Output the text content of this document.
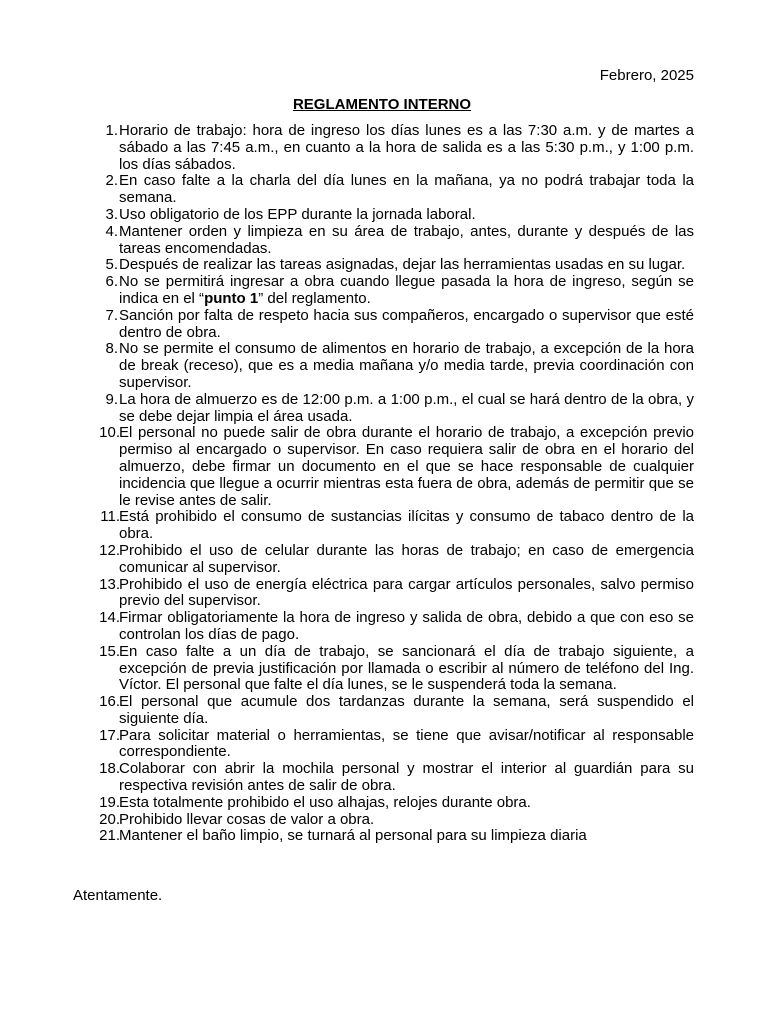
Febrero, 2025
REGLAMENTO INTERNO
1. Horario de trabajo: hora de ingreso los días lunes es a las 7:30 a.m. y de martes a sábado a las 7:45 a.m., en cuanto a la hora de salida es a las 5:30 p.m., y 1:00 p.m. los días sábados.
2. En caso falte a la charla del día lunes en la mañana, ya no podrá trabajar toda la semana.
3. Uso obligatorio de los EPP durante la jornada laboral.
4. Mantener orden y limpieza en su área de trabajo, antes, durante y después de las tareas encomendadas.
5. Después de realizar las tareas asignadas, dejar las herramientas usadas en su lugar.
6. No se permitirá ingresar a obra cuando llegue pasada la hora de ingreso, según se indica en el “punto 1” del reglamento.
7. Sanción por falta de respeto hacia sus compañeros, encargado o supervisor que esté dentro de obra.
8. No se permite el consumo de alimentos en horario de trabajo, a excepción de la hora de break (receso), que es a media mañana y/o media tarde, previa coordinación con supervisor.
9. La hora de almuerzo es de 12:00 p.m. a 1:00 p.m., el cual se hará dentro de la obra, y se debe dejar limpia el área usada.
10. El personal no puede salir de obra durante el horario de trabajo, a excepción previo permiso al encargado o supervisor. En caso requiera salir de obra en el horario del almuerzo, debe firmar un documento en el que se hace responsable de cualquier incidencia que llegue a ocurrir mientras esta fuera de obra, además de permitir que se le revise antes de salir.
11. Está prohibido el consumo de sustancias ilícitas y consumo de tabaco dentro de la obra.
12. Prohibido el uso de celular durante las horas de trabajo; en caso de emergencia comunicar al supervisor.
13. Prohibido el uso de energía eléctrica para cargar artículos personales, salvo permiso previo del supervisor.
14. Firmar obligatoriamente la hora de ingreso y salida de obra, debido a que con eso se controlan los días de pago.
15. En caso falte a un día de trabajo, se sancionará el día de trabajo siguiente, a excepción de previa justificación por llamada o escribir al número de teléfono del Ing. Víctor. El personal que falte el día lunes, se le suspenderá toda la semana.
16. El personal que acumule dos tardanzas durante la semana, será suspendido el siguiente día.
17. Para solicitar material o herramientas, se tiene que avisar/notificar al responsable correspondiente.
18. Colaborar con abrir la mochila personal y mostrar el interior al guardián para su respectiva revisión antes de salir de obra.
19. Esta totalmente prohibido el uso alhajas, relojes durante obra.
20. Prohibido llevar cosas de valor a obra.
21. Mantener el baño limpio, se turnará al personal para su limpieza diaria
Atentamente.
